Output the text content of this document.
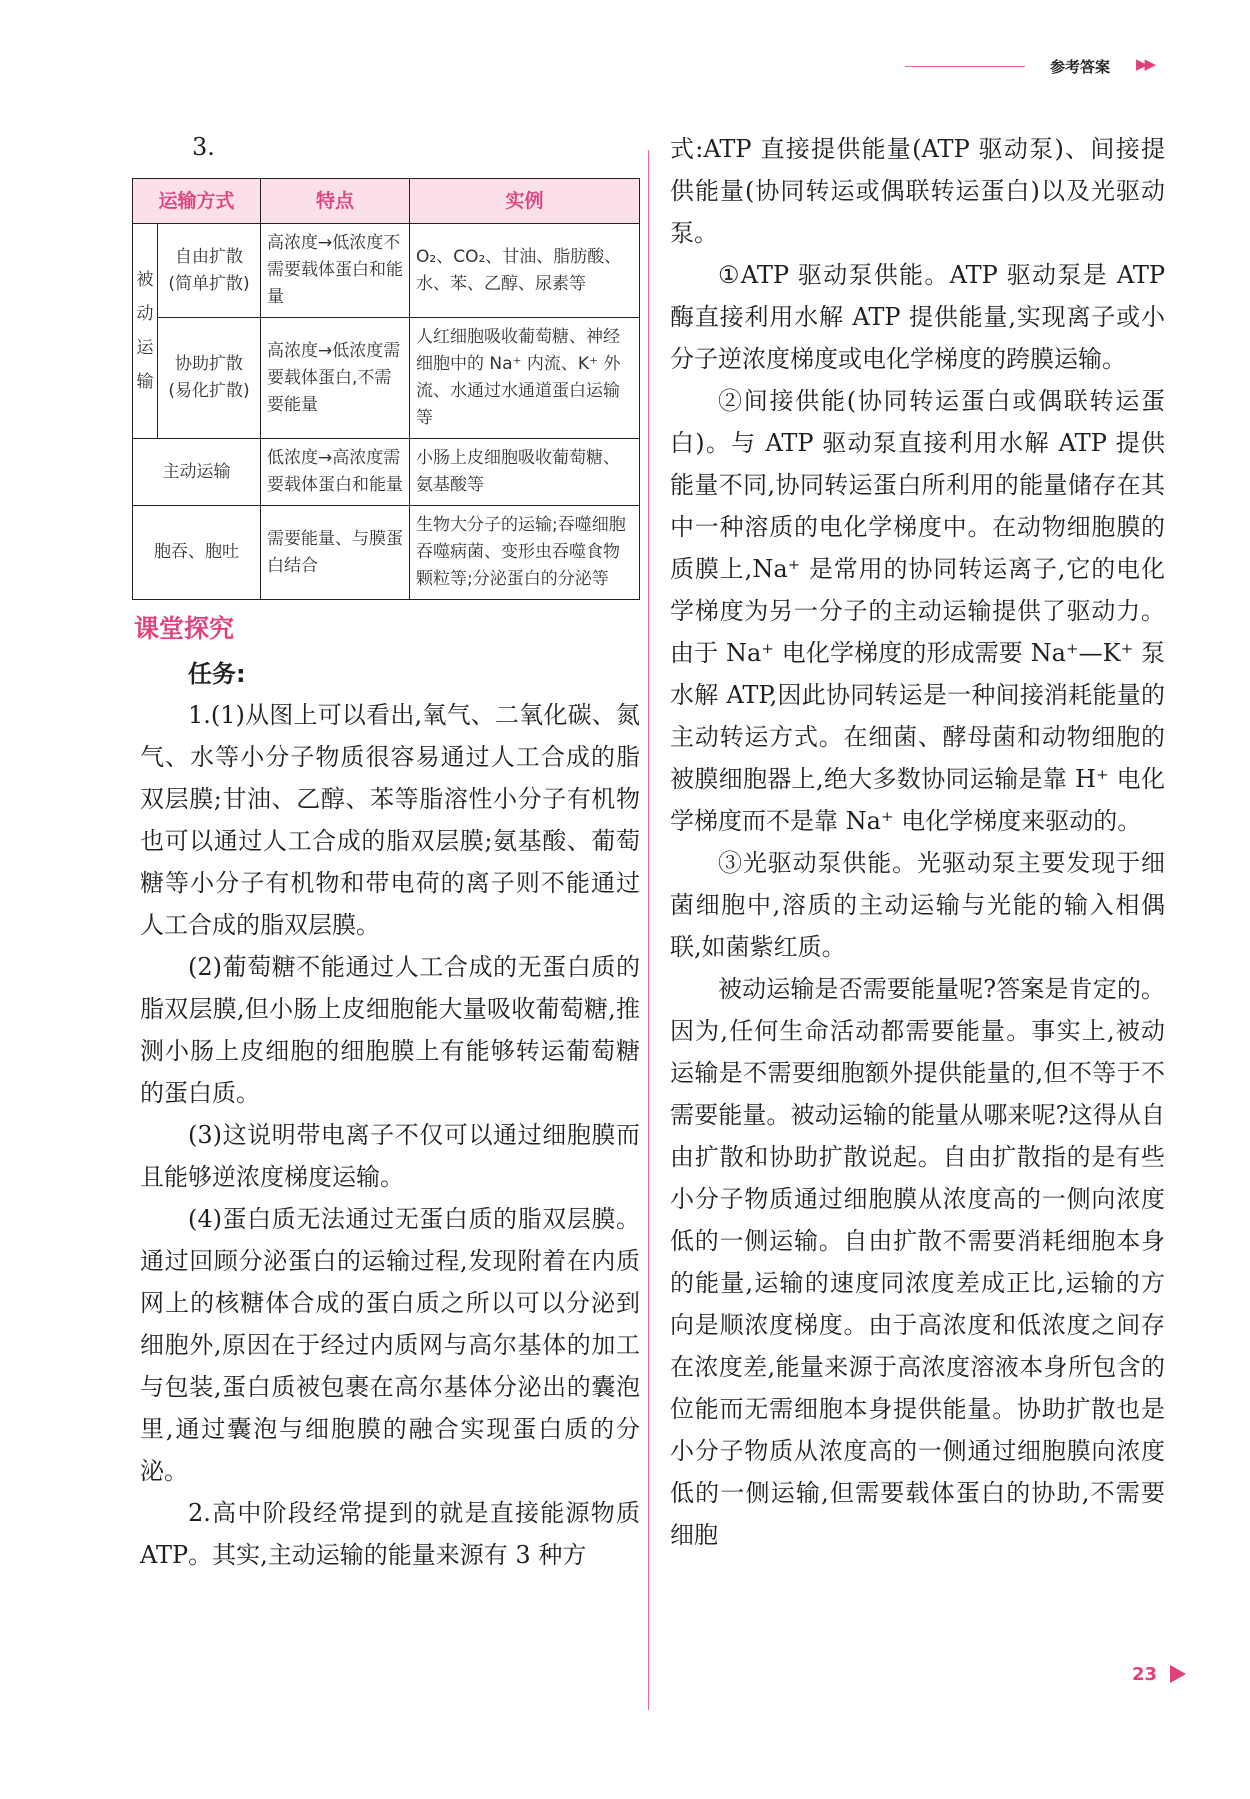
参考答案 ▶▶
3.
运输方式		特点	实例
被动运输	自由扩散(简单扩散)	高浓度→低浓度不需要载体蛋白和能量	O₂、CO₂、甘油、脂肪酸、水、苯、乙醇、尿素等
	协助扩散(易化扩散)	高浓度→低浓度需要载体蛋白,不需要能量	人红细胞吸收葡萄糖、神经细胞中的 Na⁺ 内流、K⁺ 外流、水通过水通道蛋白运输等
主动运输		低浓度→高浓度需要载体蛋白和能量	小肠上皮细胞吸收葡萄糖、氨基酸等
胞吞、胞吐		需要能量、与膜蛋白结合	生物大分子的运输;吞噬细胞吞噬病菌、变形虫吞噬食物颗粒等;分泌蛋白的分泌等
课堂探究
任务:

1.(1)从图上可以看出,氧气、二氧化碳、氮气、水等小分子物质很容易通过人工合成的脂双层膜;甘油、乙醇、苯等脂溶性小分子有机物也可以通过人工合成的脂双层膜;氨基酸、葡萄糖等小分子有机物和带电荷的离子则不能通过人工合成的脂双层膜。

(2)葡萄糖不能通过人工合成的无蛋白质的脂双层膜,但小肠上皮细胞能大量吸收葡萄糖,推测小肠上皮细胞的细胞膜上有能够转运葡萄糖的蛋白质。

(3)这说明带电离子不仅可以通过细胞膜而且能够逆浓度梯度运输。

(4)蛋白质无法通过无蛋白质的脂双层膜。通过回顾分泌蛋白的运输过程,发现附着在内质网上的核糖体合成的蛋白质之所以可以分泌到细胞外,原因在于经过内质网与高尔基体的加工与包装,蛋白质被包裹在高尔基体分泌出的囊泡里,通过囊泡与细胞膜的融合实现蛋白质的分泌。

2.高中阶段经常提到的就是直接能源物质 ATP。其实,主动运输的能量来源有 3 种方

式:ATP 直接提供能量(ATP 驱动泵)、间接提供能量(协同转运或偶联转运蛋白)以及光驱动泵。

①ATP 驱动泵供能。ATP 驱动泵是 ATP 酶直接利用水解 ATP 提供能量,实现离子或小分子逆浓度梯度或电化学梯度的跨膜运输。

②间接供能(协同转运蛋白或偶联转运蛋白)。与 ATP 驱动泵直接利用水解 ATP 提供能量不同,协同转运蛋白所利用的能量储存在其中一种溶质的电化学梯度中。在动物细胞膜的质膜上,Na⁺ 是常用的协同转运离子,它的电化学梯度为另一分子的主动运输提供了驱动力。由于 Na⁺ 电化学梯度的形成需要 Na⁺—K⁺ 泵水解 ATP,因此协同转运是一种间接消耗能量的主动转运方式。在细菌、酵母菌和动物细胞的被膜细胞器上,绝大多数协同运输是靠 H⁺ 电化学梯度而不是靠 Na⁺ 电化学梯度来驱动的。

③光驱动泵供能。光驱动泵主要发现于细菌细胞中,溶质的主动运输与光能的输入相偶联,如菌紫红质。

被动运输是否需要能量呢?答案是肯定的。因为,任何生命活动都需要能量。事实上,被动运输是不需要细胞额外提供能量的,但不等于不需要能量。被动运输的能量从哪来呢?这得从自由扩散和协助扩散说起。自由扩散指的是有些小分子物质通过细胞膜从浓度高的一侧向浓度低的一侧运输。自由扩散不需要消耗细胞本身的能量,运输的速度同浓度差成正比,运输的方向是顺浓度梯度。由于高浓度和低浓度之间存在浓度差,能量来源于高浓度溶液本身所包含的位能而无需细胞本身提供能量。协助扩散也是小分子物质从浓度高的一侧通过细胞膜向浓度低的一侧运输,但需要载体蛋白的协助,不需要细胞

23
